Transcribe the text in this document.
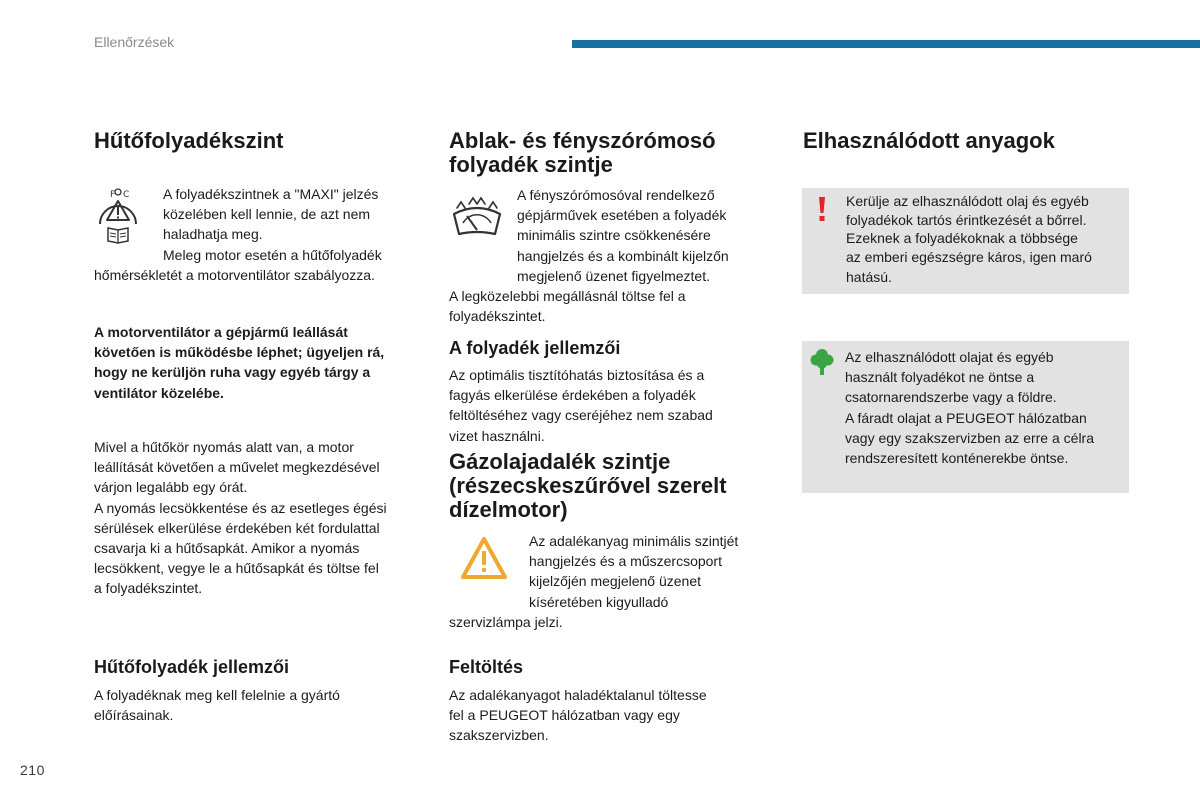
Ellenőrzések
Hűtőfolyadékszint
F C A folyadékszintnek a "MAXI" jelzés
közelében kell lennie, de azt nem
haladhatja meg.
Meleg motor esetén a hűtőfolyadék
hőmérsékletét a motorventilátor szabályozza.
A motorventilátor a gépjármű leállását
követően is működésbe léphet; ügyeljen rá,
hogy ne kerüljön ruha vagy egyéb tárgy a
ventilátor közelébe.
Mivel a hűtőkör nyomás alatt van, a motor
leállítását követően a művelet megkezdésével
várjon legalább egy órát.
A nyomás lecsökkentése és az esetleges égési
sérülések elkerülése érdekében két fordulattal
csavarja ki a hűtősapkát. Amikor a nyomás
lecsökkent, vegye le a hűtősapkát és töltse fel
a folyadékszintet.
Hűtőfolyadék jellemzői
A folyadéknak meg kell felelnie a gyártó
előírásainak.
Ablak- és fényszórómosó
folyadék szintje
A fényszórómosóval rendelkező
gépjárművek esetében a folyadék
minimális szintre csökkenésére
hangjelzés és a kombinált kijelzőn
megjelenő üzenet figyelmeztet.
A legközelebbi megállásnál töltse fel a
folyadékszintet.
A folyadék jellemzői
Az optimális tisztítóhatás biztosítása és a
fagyás elkerülése érdekében a folyadék
feltöltéséhez vagy cseréjéhez nem szabad
vizet használni.
Gázolajadalék szintje
(részecskeszűrővel szerelt
dízelmotor)
Az adalékanyag minimális szintjét
hangjelzés és a műszercsoport
kijelzőjén megjelenő üzenet
kíséretében kigyulladó
szervizlámpa jelzi.
Feltöltés
Az adalékanyagot haladéktalanul töltesse
fel a PEUGEOT hálózatban vagy egy
szakszervizben.
Elhasználódott anyagok
Kerülje az elhasználódott olaj és egyéb
folyadékok tartós érintkezését a bőrrel.
Ezeknek a folyadékoknak a többsége
az emberi egészségre káros, igen maró
hatású.
Az elhasználódott olajat és egyéb
használt folyadékot ne öntse a
csatornarendszerbe vagy a földre.
A fáradt olajat a PEUGEOT hálózatban
vagy egy szakszervizben az erre a célra
rendszeresített konténerekbe öntse.
210
